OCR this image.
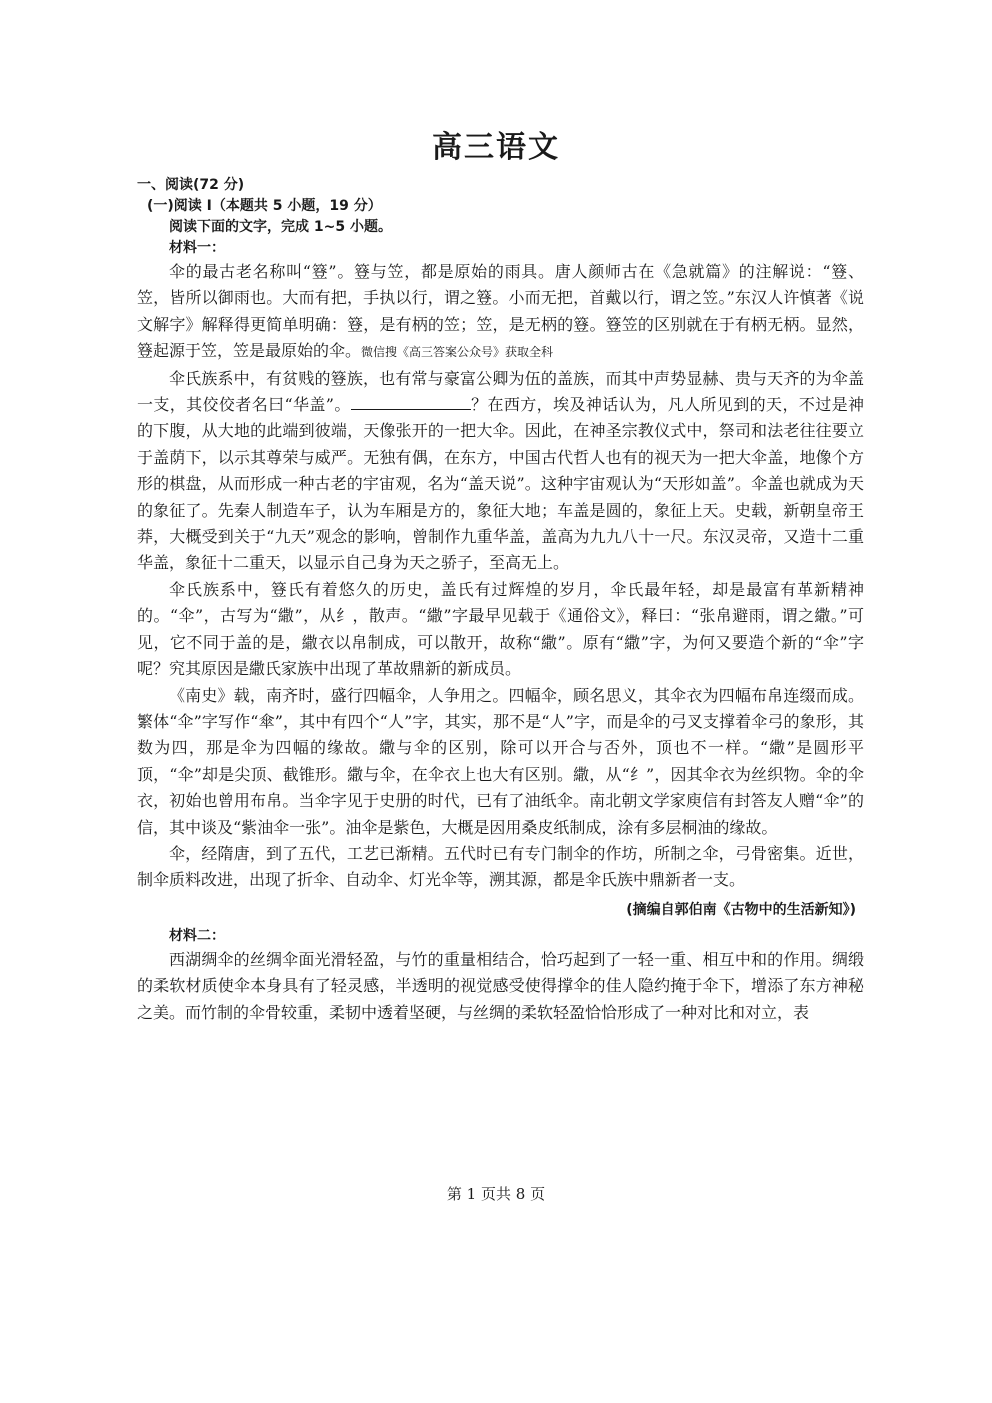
高三语文
一、阅读(72 分)
(一)阅读 I（本题共 5 小题，19 分）
阅读下面的文字，完成 1~5 小题。
材料一：

伞的最古老名称叫“簦”。簦与笠，都是原始的雨具。唐人颜师古在《急就篇》的注解说：“簦、笠，皆所以御雨也。大而有把，手执以行，谓之簦。小而无把，首戴以行，谓之笠。”东汉人许慎著《说文解字》解释得更简单明确：簦，是有柄的笠；笠，是无柄的簦。簦笠的区别就在于有柄无柄。显然，簦起源于笠，笠是最原始的伞。微信搜《高三答案公众号》获取全科

伞氏族系中，有贫贱的簦族，也有常与豪富公卿为伍的盖族，而其中声势显赫、贵与天齐的为伞盖一支，其佼佼者名曰“华盖”。	？在西方，埃及神话认为，凡人所见到的天，不过是神的下腹，从大地的此端到彼端，天像张开的一把大伞。因此，在神圣宗教仪式中，祭司和法老往往要立于盖荫下，以示其尊荣与威严。无独有偶，在东方，中国古代哲人也有的视天为一把大伞盖，地像个方形的棋盘，从而形成一种古老的宇宙观，名为“盖天说”。这种宇宙观认为“天形如盖”。伞盖也就成为天的象征了。先秦人制造车子，认为车厢是方的，象征大地；车盖是圆的，象征上天。史载，新朝皇帝王莽，大概受到关于“九天”观念的影响，曾制作九重华盖，盖高为九九八十一尺。东汉灵帝，又造十二重华盖，象征十二重天，以显示自己身为天之骄子，至高无上。

伞氏族系中，簦氏有着悠久的历史，盖氏有过辉煌的岁月，伞氏最年轻，却是最富有革新精神的。“伞”，古写为“繖”，从纟，散声。“繖”字最早见载于《通俗文》，释曰：“张帛避雨，谓之繖。”可见，它不同于盖的是，繖衣以帛制成，可以散开，故称“繖”。原有“繖”字，为何又要造个新的“伞”字呢？究其原因是繖氏家族中出现了革故鼎新的新成员。

《南史》载，南齐时，盛行四幅伞，人争用之。四幅伞，顾名思义，其伞衣为四幅布帛连缀而成。繁体“伞”字写作“傘”，其中有四个“人”字，其实，那不是“人”字，而是伞的弓叉支撑着伞弓的象形，其数为四，那是伞为四幅的缘故。繖与伞的区别，除可以开合与否外，顶也不一样。“繖”是圆形平顶，“伞”却是尖顶、截锥形。繖与伞，在伞衣上也大有区别。繖，从“纟”，因其伞衣为丝织物。伞的伞衣，初始也曾用布帛。当伞字见于史册的时代，已有了油纸伞。南北朝文学家庾信有封答友人赠“伞”的信，其中谈及“紫油伞一张”。油伞是紫色，大概是因用桑皮纸制成，涂有多层桐油的缘故。

伞，经隋唐，到了五代，工艺已渐精。五代时已有专门制伞的作坊，所制之伞，弓骨密集。近世，制伞质料改进，出现了折伞、自动伞、灯光伞等，溯其源，都是伞氏族中鼎新者一支。

(摘编自郭伯南《古物中的生活新知》)
材料二：

西湖绸伞的丝绸伞面光滑轻盈，与竹的重量相结合，恰巧起到了一轻一重、相互中和的作用。绸缎的柔软材质使伞本身具有了轻灵感，半透明的视觉感受使得撑伞的佳人隐约掩于伞下，增添了东方神秘之美。而竹制的伞骨较重，柔韧中透着坚硬，与丝绸的柔软轻盈恰恰形成了一种对比和对立，表

第 1 页共 8 页
